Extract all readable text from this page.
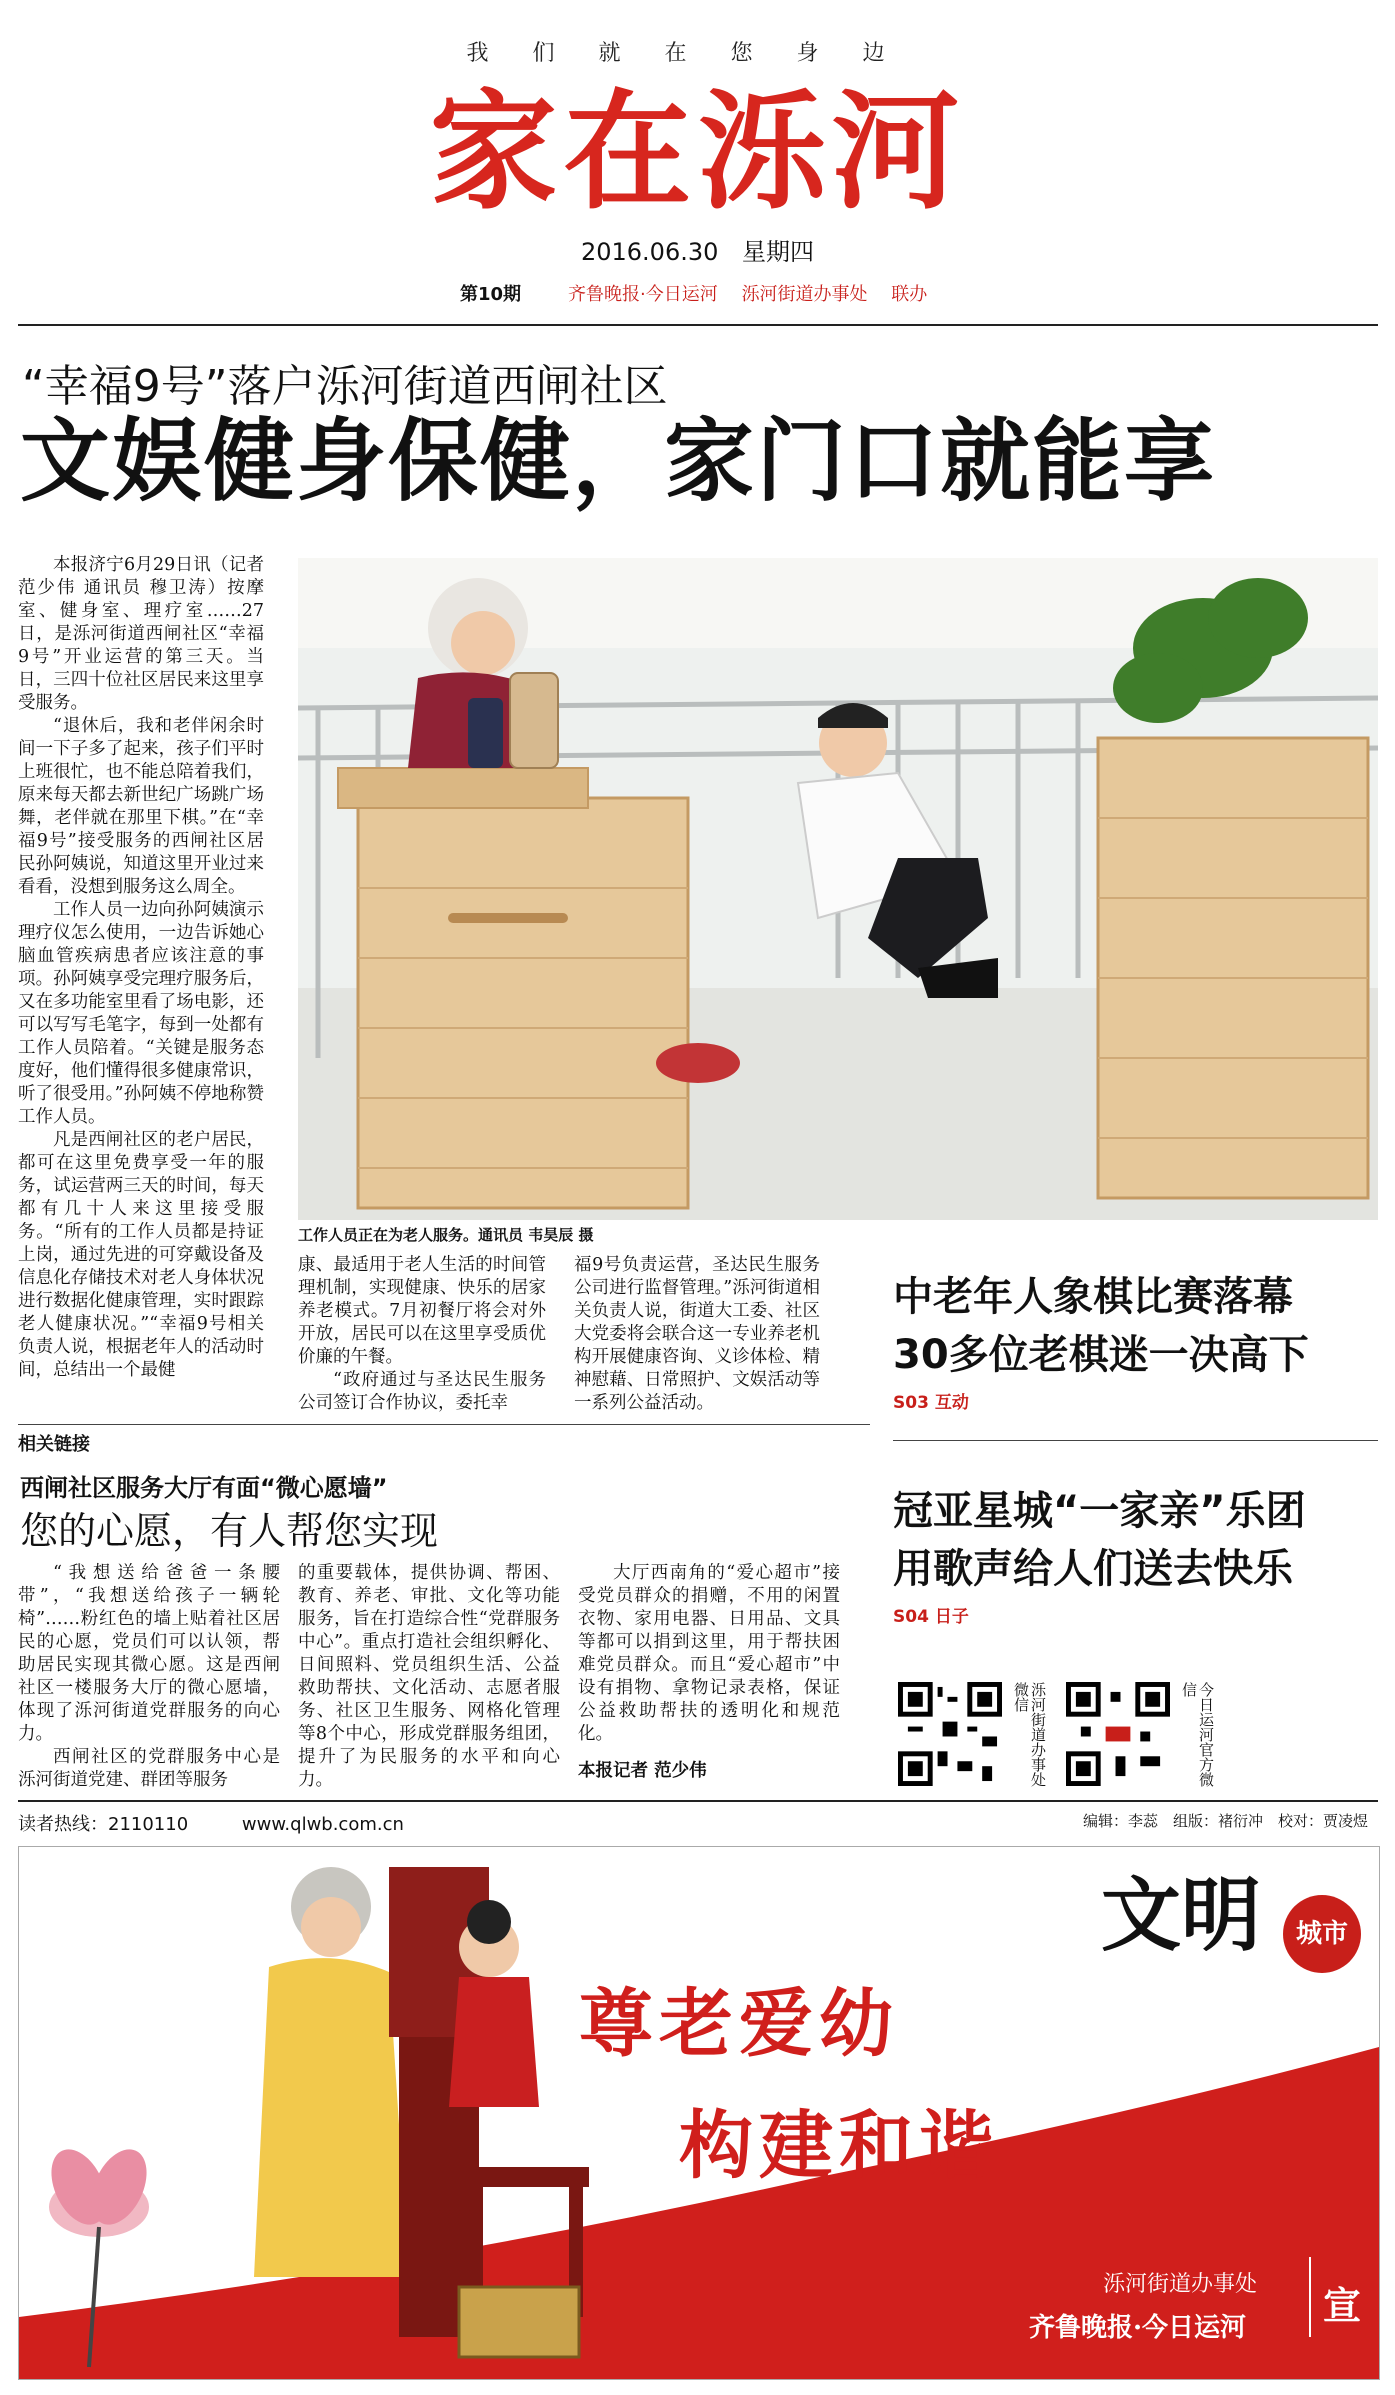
我们就在您身边
家在泺河
2016.06.30 星期四
第10期	齐鲁晚报·今日运河 泺河街道办事处 联办
“幸福9号”落户泺河街道西闸社区
文娱健身保健，家门口就能享

本报济宁6月29日讯（记者 范少伟 通讯员 穆卫涛）按摩室、健身室、理疗室……27日，是泺河街道西闸社区“幸福9号”开业运营的第三天。当日，三四十位社区居民来这里享受服务。

“退休后，我和老伴闲余时间一下子多了起来，孩子们平时上班很忙，也不能总陪着我们，原来每天都去新世纪广场跳广场舞，老伴就在那里下棋。”在“幸福9号”接受服务的西闸社区居民孙阿姨说，知道这里开业过来看看，没想到服务这么周全。

工作人员一边向孙阿姨演示理疗仪怎么使用，一边告诉她心脑血管疾病患者应该注意的事项。孙阿姨享受完理疗服务后，又在多功能室里看了场电影，还可以写写毛笔字，每到一处都有工作人员陪着。“关键是服务态度好，他们懂得很多健康常识，听了很受用。”孙阿姨不停地称赞工作人员。

凡是西闸社区的老户居民，都可在这里免费享受一年的服务，试运营两三天的时间，每天都有几十人来这里接受服务。“所有的工作人员都是持证上岗，通过先进的可穿戴设备及信息化存储技术对老人身体状况进行数据化健康管理，实时跟踪老人健康状况。”“幸福9号相关负责人说，根据老年人的活动时间，总结出一个最健

工作人员正在为老人服务。通讯员 韦昊辰 摄

康、最适用于老人生活的时间管理机制，实现健康、快乐的居家养老模式。7月初餐厅将会对外开放，居民可以在这里享受质优价廉的午餐。

“政府通过与圣达民生服务公司签订合作协议，委托幸

福9号负责运营，圣达民生服务公司进行监督管理。”泺河街道相关负责人说，街道大工委、社区大党委将会联合这一专业养老机构开展健康咨询、义诊体检、精神慰藉、日常照护、文娱活动等一系列公益活动。

中老年人象棋比赛落幕
30多位老棋迷一决高下
S03 互动
冠亚星城“一家亲”乐团
用歌声给人们送去快乐
S04 日子
相关链接
西闸社区服务大厅有面“微心愿墙”
您的心愿，有人帮您实现

“我想送给爸爸一条腰带”，“我想送给孩子一辆轮椅”……粉红色的墙上贴着社区居民的心愿，党员们可以认领，帮助居民实现其微心愿。这是西闸社区一楼服务大厅的微心愿墙，体现了泺河街道党群服务的向心力。

西闸社区的党群服务中心是泺河街道党建、群团等服务

的重要载体，提供协调、帮困、教育、养老、审批、文化等功能服务，旨在打造综合性“党群服务中心”。重点打造社会组织孵化、日间照料、党员组织生活、公益救助帮扶、文化活动、志愿者服务、社区卫生服务、网格化管理等8个中心，形成党群服务组团，提升了为民服务的水平和向心力。

大厅西南角的“爱心超市”接受党员群众的捐赠，不用的闲置衣物、家用电器、日用品、文具等都可以捐到这里，用于帮扶困难党员群众。而且“爱心超市”中设有捐物、拿物记录表格，保证公益救助帮扶的透明化和规范化。

本报记者 范少伟	泺河街道办事处微信	今日运河官方微信
读者热线：2110110	www.qlwb.com.cn	编辑：李蕊　组版：褚衍冲　校对：贾凌煜
尊老爱幼
构建和谐
文明 城市
泺河街道办事处
齐鲁晚报·今日运河 宣
